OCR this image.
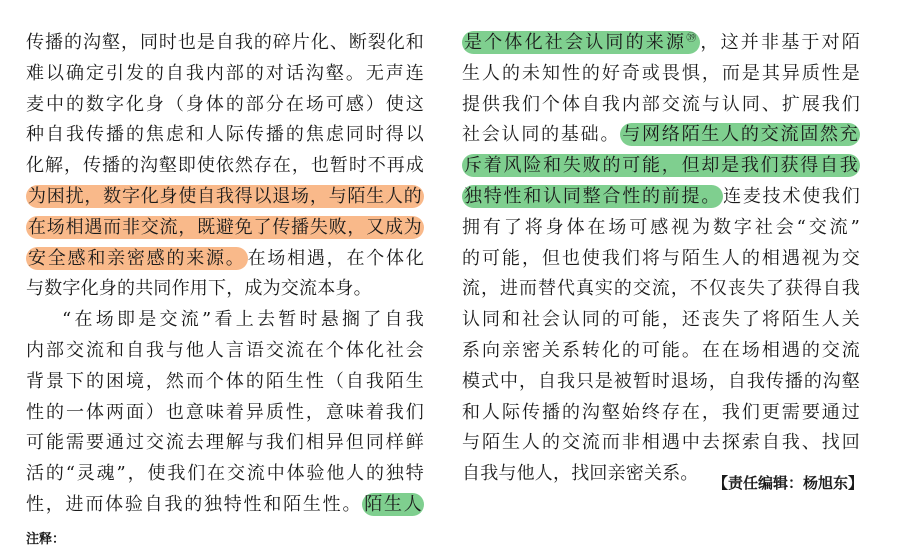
传播的沟壑，同时也是自我的碎片化、断裂化和
难以确定引发的自我内部的对话沟壑。无声连
麦中的数字化身（身体的部分在场可感）使这
种自我传播的焦虑和人际传播的焦虑同时得以
化解，传播的沟壑即使依然存在，也暂时不再成
为困扰，数字化身使自我得以退场，与陌生人的
在场相遇而非交流，既避免了传播失败，又成为
安全感和亲密感的来源。 在场相遇，在个体化
与数字化身的共同作用下，成为交流本身。
“在场即是交流”看上去暂时悬搁了自我
内部交流和自我与他人言语交流在个体化社会
背景下的困境，然而个体的陌生性（自我陌生
性的一体两面）也意味着异质性，意味着我们
可能需要通过交流去理解与我们相异但同样鲜
活的“灵魂”，使我们在交流中体验他人的独特
性，进而体验自我的独特性和陌生性。 陌生人
是个体化社会认同的来源$^㊴$ ，这并非基于对陌
生人的未知性的好奇或畏惧，而是其异质性是
提供我们个体自我内部交流与认同、扩展我们
社会认同的基础。 与网络陌生人的交流固然充
斥着风险和失败的可能，但却是我们获得自我
独特性和认同整合性的前提。 连麦技术使我们
拥有了将身体在场可感视为数字社会“交流”
的可能，但也使我们将与陌生人的相遇视为交
流，进而替代真实的交流，不仅丧失了获得自我
认同和社会认同的可能，还丧失了将陌生人关
系向亲密关系转化的可能。在在场相遇的交流
模式中，自我只是被暂时退场，自我传播的沟壑
和人际传播的沟壑始终存在，我们更需要通过
与陌生人的交流而非相遇中去探索自我、找回
自我与他人，找回亲密关系。 【责任编辑：杨旭东】
注释：
